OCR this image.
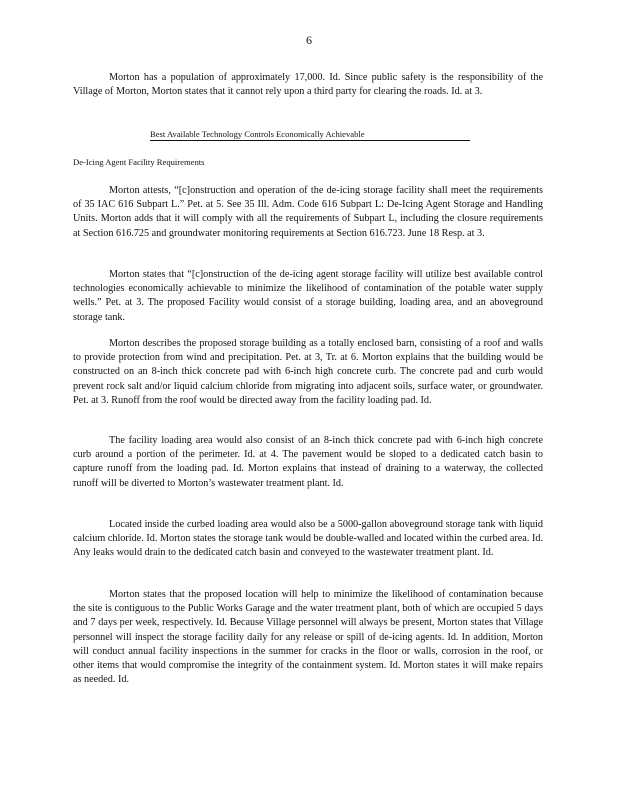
6

Morton has a population of approximately 17,000. Id. Since public safety is the responsibility of the Village of Morton, Morton states that it cannot rely upon a third party for clearing the roads. Id. at 3.

Best Available Technology Controls Economically Achievable
De-Icing Agent Facility Requirements

Morton attests, “[c]onstruction and operation of the de-icing storage facility shall meet the requirements of 35 IAC 616 Subpart L.” Pet. at 5. See 35 Ill. Adm. Code 616 Subpart L: De-Icing Agent Storage and Handling Units. Morton adds that it will comply with all the requirements of Subpart L, including the closure requirements at Section 616.725 and groundwater monitoring requirements at Section 616.723. June 18 Resp. at 3.

Morton states that “[c]onstruction of the de-icing agent storage facility will utilize best available control technologies economically achievable to minimize the likelihood of contamination of the potable water supply wells.” Pet. at 3. The proposed Facility would consist of a storage building, loading area, and an aboveground storage tank.

Morton describes the proposed storage building as a totally enclosed barn, consisting of a roof and walls to provide protection from wind and precipitation. Pet. at 3, Tr. at 6. Morton explains that the building would be constructed on an 8-inch thick concrete pad with 6-inch high concrete curb. The concrete pad and curb would prevent rock salt and/or liquid calcium chloride from migrating into adjacent soils, surface water, or groundwater. Pet. at 3. Runoff from the roof would be directed away from the facility loading pad. Id.

The facility loading area would also consist of an 8-inch thick concrete pad with 6-inch high concrete curb around a portion of the perimeter. Id. at 4. The pavement would be sloped to a dedicated catch basin to capture runoff from the loading pad. Id. Morton explains that instead of draining to a waterway, the collected runoff will be diverted to Morton’s wastewater treatment plant. Id.

Located inside the curbed loading area would also be a 5000-gallon aboveground storage tank with liquid calcium chloride. Id. Morton states the storage tank would be double-walled and located within the curbed area. Id. Any leaks would drain to the dedicated catch basin and conveyed to the wastewater treatment plant. Id.

Morton states that the proposed location will help to minimize the likelihood of contamination because the site is contiguous to the Public Works Garage and the water treatment plant, both of which are occupied 5 days and 7 days per week, respectively. Id. Because Village personnel will always be present, Morton states that Village personnel will inspect the storage facility daily for any release or spill of de-icing agents. Id. In addition, Morton will conduct annual facility inspections in the summer for cracks in the floor or walls, corrosion in the roof, or other items that would compromise the integrity of the containment system. Id. Morton states it will make repairs as needed. Id.
